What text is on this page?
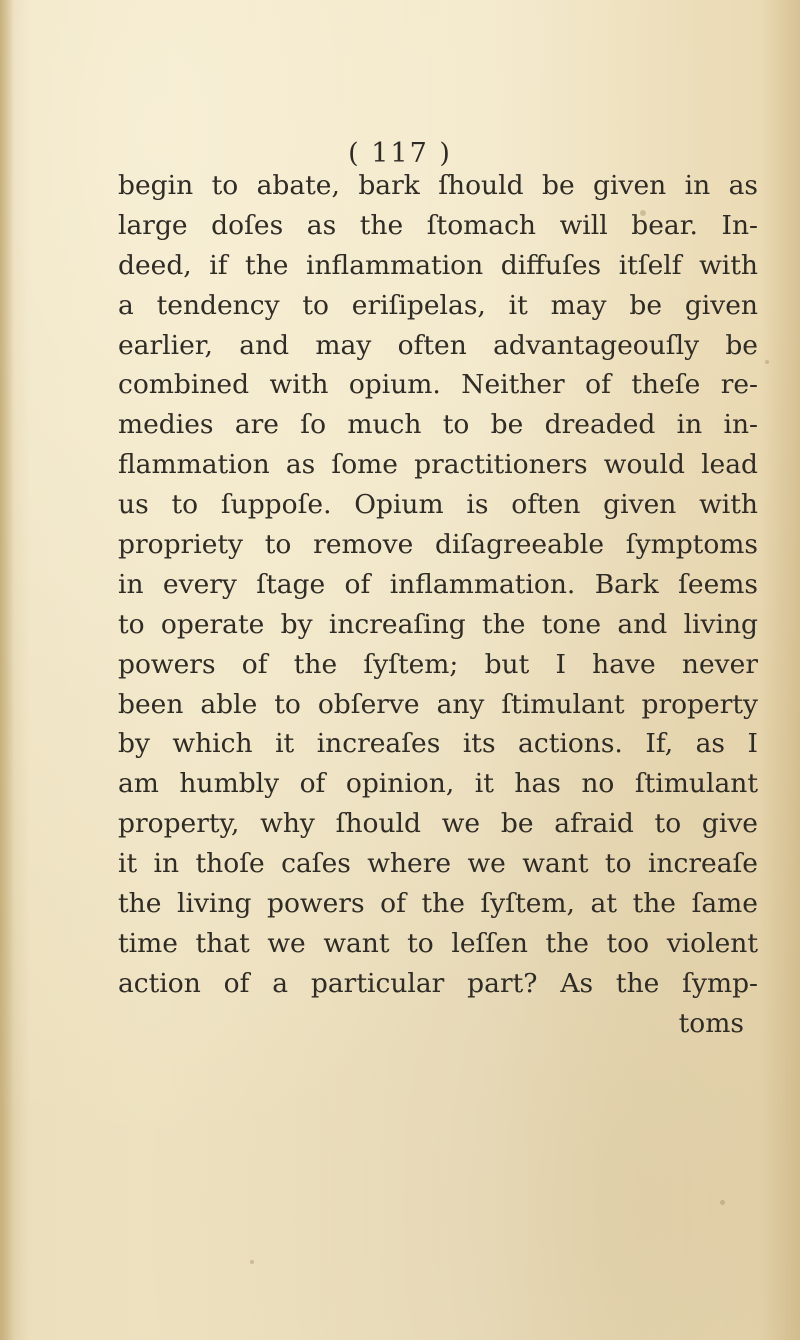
( 117 )
begin to abate, bark ſhould be given in as
large doſes as the ſtomach will bear. In-
deed, if the inflammation diffuſes itſelf with
a tendency to eriſipelas, it may be given
earlier, and may often advantageouſly be
combined with opium. Neither of theſe re-
medies are ſo much to be dreaded in in-
flammation as ſome practitioners would lead
us to ſuppoſe. Opium is often given with
propriety to remove diſagreeable ſymptoms
in every ſtage of inflammation. Bark ſeems
to operate by increaſing the tone and living
powers of the ſyſtem; but I have never
been able to obſerve any ſtimulant property
by which it increaſes its actions. If, as I
am humbly of opinion, it has no ſtimulant
property, why ſhould we be afraid to give
it in thoſe caſes where we want to increaſe
the living powers of the ſyſtem, at the ſame
time that we want to leſſen the too violent
action of a particular part? As the ſymp-
toms
